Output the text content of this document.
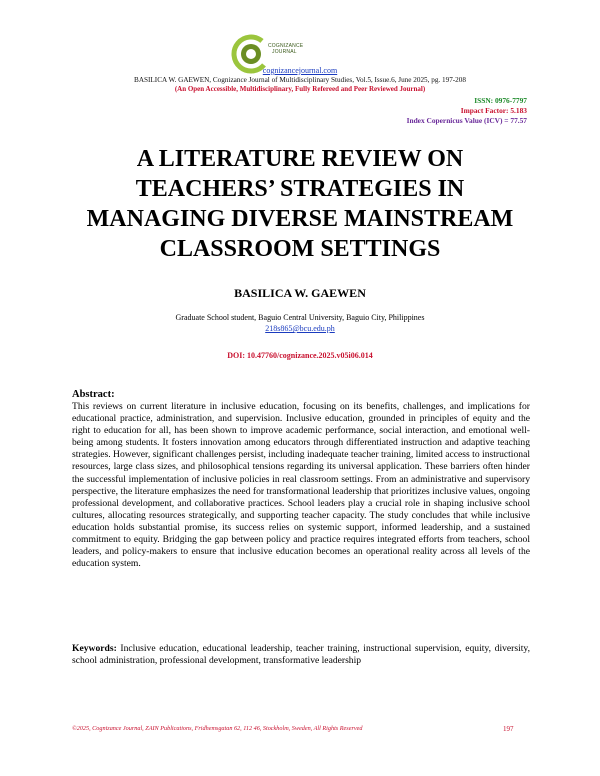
COGNIZANCE
JOURNAL
cognizancejournal.com
BASILICA W. GAEWEN, Cognizance Journal of Multidisciplinary Studies, Vol.5, Issue.6, June 2025, pg. 197-208
(An Open Accessible, Multidisciplinary, Fully Refereed and Peer Reviewed Journal)
ISSN: 0976-7797
Impact Factor: 5.183
Index Copernicus Value (ICV) = 77.57
A LITERATURE REVIEW ON
TEACHERS’ STRATEGIES IN
MANAGING DIVERSE MAINSTREAM
CLASSROOM SETTINGS
BASILICA W. GAEWEN
Graduate School student, Baguio Central University, Baguio City, Philippines
218s865@bcu.edu.ph
DOI: 10.47760/cognizance.2025.v05i06.014
Abstract:
This reviews on current literature in inclusive education, focusing on its benefits, challenges, and implications for educational practice, administration, and supervision. Inclusive education, grounded in principles of equity and the right to education for all, has been shown to improve academic performance, social interaction, and emotional well-being among students. It fosters innovation among educators through differentiated instruction and adaptive teaching strategies. However, significant challenges persist, including inadequate teacher training, limited access to instructional resources, large class sizes, and philosophical tensions regarding its universal application. These barriers often hinder the successful implementation of inclusive policies in real classroom settings. From an administrative and supervisory perspective, the literature emphasizes the need for transformational leadership that prioritizes inclusive values, ongoing professional development, and collaborative practices. School leaders play a crucial role in shaping inclusive school cultures, allocating resources strategically, and supporting teacher capacity. The study concludes that while inclusive education holds substantial promise, its success relies on systemic support, informed leadership, and a sustained commitment to equity. Bridging the gap between policy and practice requires integrated efforts from teachers, school leaders, and policy-makers to ensure that inclusive education becomes an operational reality across all levels of the education system.
Keywords: Inclusive education, educational leadership, teacher training, instructional supervision, equity, diversity, school administration, professional development, transformative leadership
©2025, Cognizance Journal, ZAIN Publications, Fridhemsgatan 62, 112 46, Stockholm, Sweden, All Rights Reserved	197
